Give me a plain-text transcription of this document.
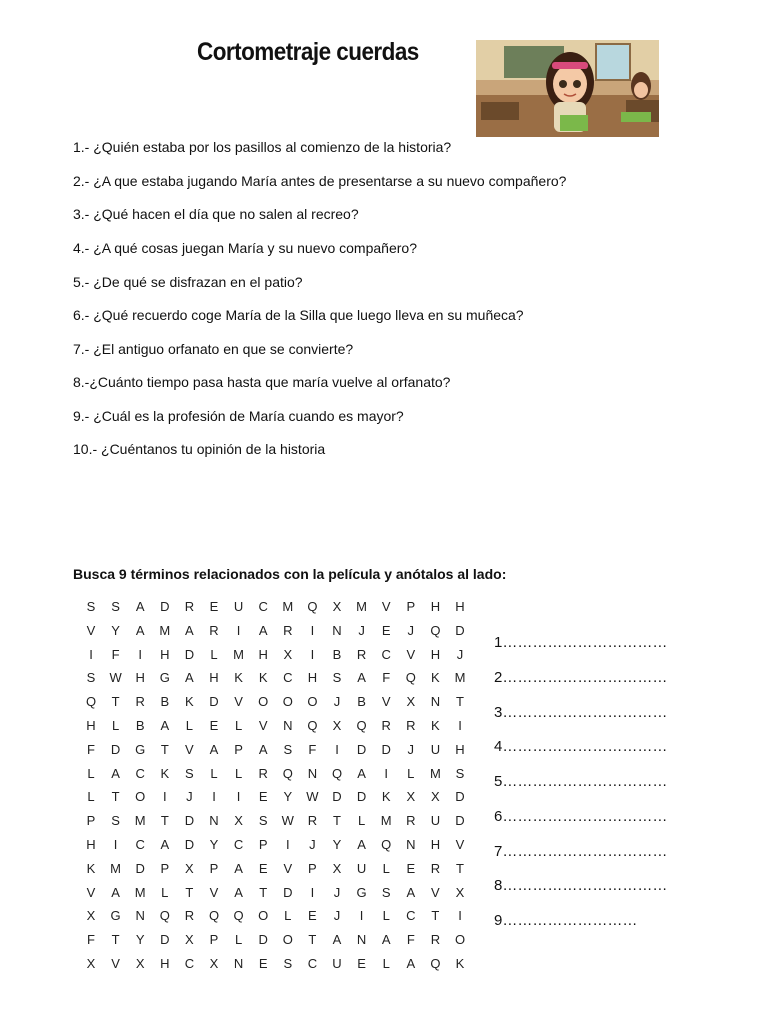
Cortometraje cuerdas
1.- ¿Quién estaba por los pasillos al comienzo de la historia?
2.- ¿A que estaba jugando María antes de presentarse a su nuevo compañero?
3.- ¿Qué hacen el día que no salen al recreo?
4.- ¿A qué cosas juegan María y su nuevo compañero?
5.- ¿De qué se disfrazan en el patio?
6.- ¿Qué recuerdo coge María de la Silla que luego lleva en su muñeca?
7.- ¿El antiguo orfanato en que se convierte?
8.-¿Cuánto tiempo pasa hasta que maría vuelve al orfanato?
9.- ¿Cuál es la profesión de María cuando es mayor?
10.- ¿Cuéntanos tu opinión de la historia
Busca 9 términos relacionados con la película y anótalos al lado:
S	S	A	D	R	E	U	C	M	Q	X	M	V	P	H	H
V	Y	A	M	A	R	I	A	R	I	N	J	E	J	Q	D
I	F	I	H	D	L	M	H	X	I	B	R	C	V	H	J
S	W	H	G	A	H	K	K	C	H	S	A	F	Q	K	M
Q	T	R	B	K	D	V	O	O	O	J	B	V	X	N	T
H	L	B	A	L	E	L	V	N	Q	X	Q	R	R	K	I
F	D	G	T	V	A	P	A	S	F	I	D	D	J	U	H
L	A	C	K	S	L	L	R	Q	N	Q	A	I	L	M	S
L	T	O	I	J	I	I	E	Y	W	D	D	K	X	X	D
P	S	M	T	D	N	X	S	W	R	T	L	M	R	U	D
H	I	C	A	D	Y	C	P	I	J	Y	A	Q	N	H	V
K	M	D	P	X	P	A	E	V	P	X	U	L	E	R	T
V	A	M	L	T	V	A	T	D	I	J	G	S	A	V	X
X	G	N	Q	R	Q	Q	O	L	E	J	I	L	C	T	I
F	T	Y	D	X	P	L	D	O	T	A	N	A	F	R	O
X	V	X	H	C	X	N	E	S	C	U	E	L	A	Q	K
1……………………………
2……………………………
3……………………………
4……………………………
5……………………………
6……………………………
7……………………………
8……………………………
9………………………
